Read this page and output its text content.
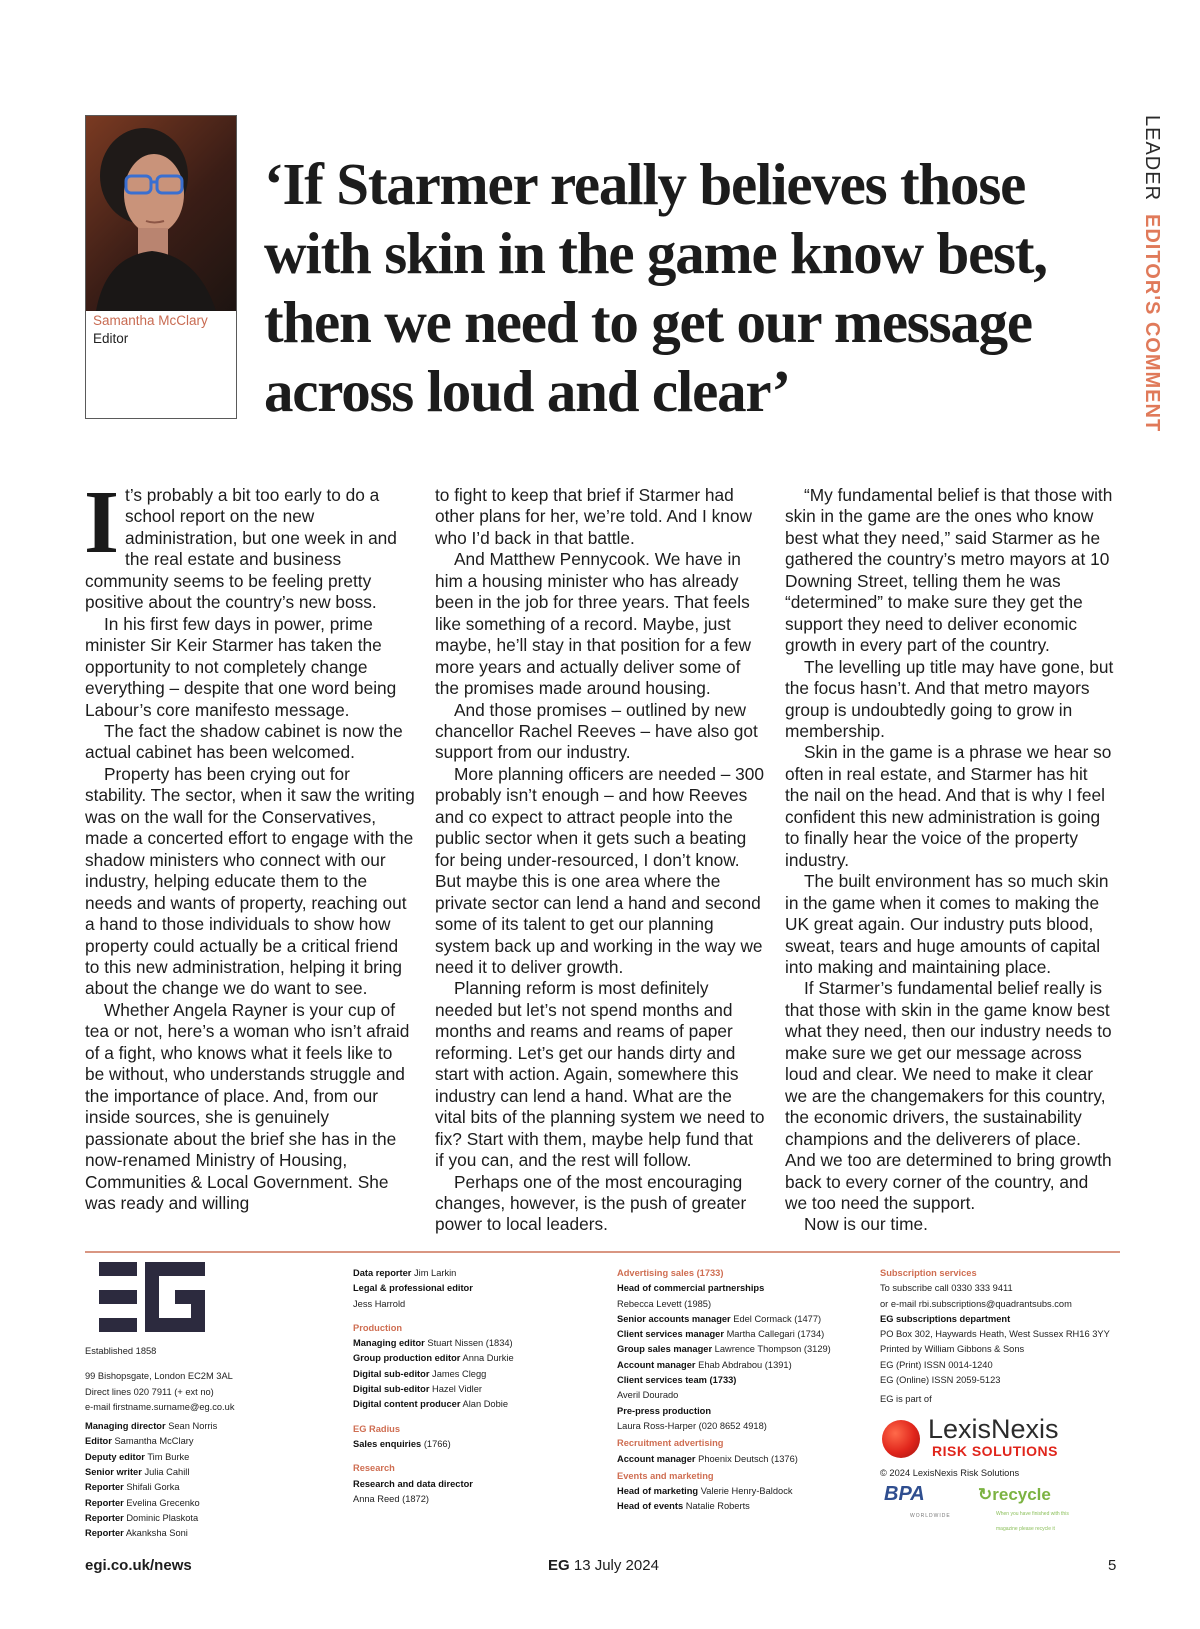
Samantha McClary
Editor
‘If Starmer really believes those with skin in the game know best, then we need to get our message across loud and clear’
LEADER EDITOR'S COMMENT

It’s probably a bit too early to do a school report on the new administration, but one week in and the real estate and business community seems to be feeling pretty positive about the country’s new boss.

In his first few days in power, prime minister Sir Keir Starmer has taken the opportunity to not completely change everything – despite that one word being Labour’s core manifesto message.

The fact the shadow cabinet is now the actual cabinet has been welcomed.

Property has been crying out for stability. The sector, when it saw the writing was on the wall for the Conservatives, made a concerted effort to engage with the shadow ministers who connect with our industry, helping educate them to the needs and wants of property, reaching out a hand to those individuals to show how property could actually be a critical friend to this new administration, helping it bring about the change we do want to see.

Whether Angela Rayner is your cup of tea or not, here’s a woman who isn’t afraid of a fight, who knows what it feels like to be without, who understands struggle and the importance of place. And, from our inside sources, she is genuinely passionate about the brief she has in the now-renamed Ministry of Housing, Communities & Local Government. She was ready and willing

to fight to keep that brief if Starmer had other plans for her, we’re told. And I know who I’d back in that battle.

And Matthew Pennycook. We have in him a housing minister who has already been in the job for three years. That feels like something of a record. Maybe, just maybe, he’ll stay in that position for a few more years and actually deliver some of the promises made around housing.

And those promises – outlined by new chancellor Rachel Reeves – have also got support from our industry.

More planning officers are needed – 300 probably isn’t enough – and how Reeves and co expect to attract people into the public sector when it gets such a beating for being under-resourced, I don’t know. But maybe this is one area where the private sector can lend a hand and second some of its talent to get our planning system back up and working in the way we need it to deliver growth.

Planning reform is most definitely needed but let’s not spend months and months and reams and reams of paper reforming. Let’s get our hands dirty and start with action. Again, somewhere this industry can lend a hand. What are the vital bits of the planning system we need to fix? Start with them, maybe help fund that if you can, and the rest will follow.

Perhaps one of the most encouraging changes, however, is the push of greater power to local leaders.

“My fundamental belief is that those with skin in the game are the ones who know best what they need,” said Starmer as he gathered the country’s metro mayors at 10 Downing Street, telling them he was “determined” to make sure they get the support they need to deliver economic growth in every part of the country.

The levelling up title may have gone, but the focus hasn’t. And that metro mayors group is undoubtedly going to grow in membership.

Skin in the game is a phrase we hear so often in real estate, and Starmer has hit the nail on the head. And that is why I feel confident this new administration is going to finally hear the voice of the property industry.

The built environment has so much skin in the game when it comes to making the UK great again. Our industry puts blood, sweat, tears and huge amounts of capital into making and maintaining place.

If Starmer’s fundamental belief really is that those with skin in the game know best what they need, then our industry needs to make sure we get our message across loud and clear. We need to make it clear we are the changemakers for this country, the economic drivers, the sustainability champions and the deliverers of place. And we too are determined to bring growth back to every corner of the country, and we too need the support.

Now is our time.

Established 1858

99 Bishopsgate, London EC2M 3AL

Direct lines 020 7911 (+ ext no)

e-mail firstname.surname@eg.co.uk

Managing director Sean Norris

Editor Samantha McClary

Deputy editor Tim Burke

Senior writer Julia Cahill

Reporter Shifali Gorka

Reporter Evelina Grecenko

Reporter Dominic Plaskota

Reporter Akanksha Soni

Data reporter Jim Larkin

Legal & professional editor

Jess Harrold

Production

Managing editor Stuart Nissen (1834)

Group production editor Anna Durkie

Digital sub-editor James Clegg

Digital sub-editor Hazel Vidler

Digital content producer Alan Dobie

EG Radius

Sales enquiries (1766)

Research

Research and data director

Anna Reed (1872)

Advertising sales (1733)

Head of commercial partnerships

Rebecca Levett (1985)

Senior accounts manager Edel Cormack (1477)

Client services manager Martha Callegari (1734)

Group sales manager Lawrence Thompson (3129)

Account manager Ehab Abdrabou (1391)

Client services team (1733)

Averil Dourado

Pre-press production

Laura Ross-Harper (020 8652 4918)

Recruitment advertising

Account manager Phoenix Deutsch (1376)

Events and marketing

Head of marketing Valerie Henry-Baldock

Head of events Natalie Roberts

Subscription services

To subscribe call 0330 333 9411

or e-mail rbi.subscriptions@quadrantsubs.com

EG subscriptions department

PO Box 302, Haywards Heath, West Sussex RH16 3YY

Printed by William Gibbons & Sons

EG (Print) ISSN 0014-1240

EG (Online) ISSN 2059-5123

EG is part of

LexisNexis
RISK SOLUTIONS

© 2024 LexisNexis Risk Solutions

BPA
WORLDWIDE
↻recycle
When you have finished with this magazine please recycle it
egi.co.uk/news	EG 13 July 2024	5
